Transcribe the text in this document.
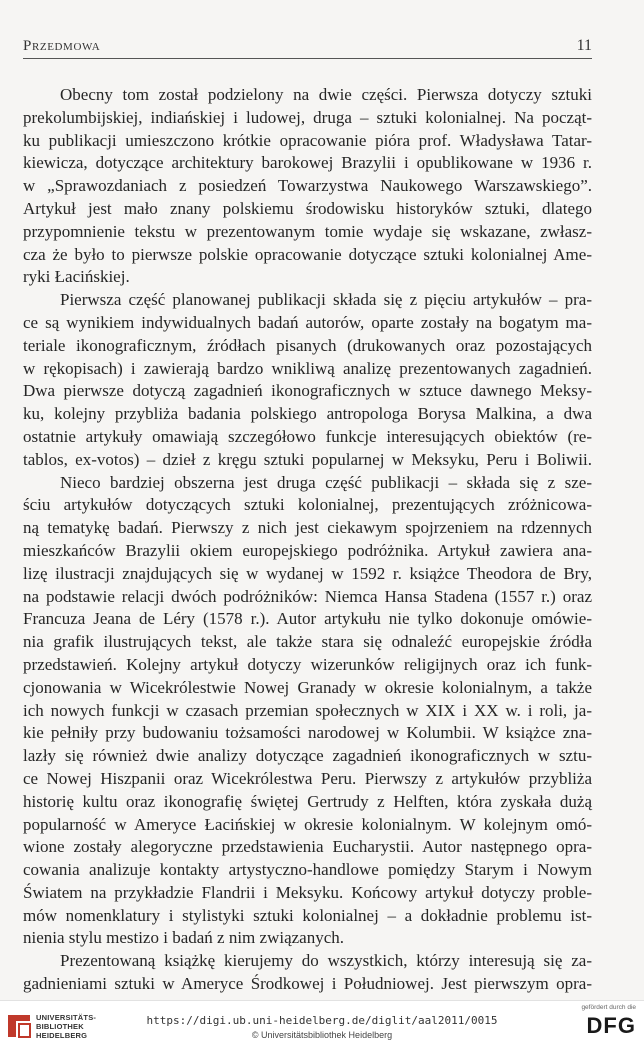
Przedmowa	11
Obecny tom został podzielony na dwie części. Pierwsza dotyczy sztuki
prekolumbijskiej, indiańskiej i ludowej, druga – sztuki kolonialnej. Na począt-
ku publikacji umieszczono krótkie opracowanie pióra prof. Władysława Tatar-
kiewicza, dotyczące architektury barokowej Brazylii i opublikowane w 1936 r.
w „Sprawozdaniach z posiedzeń Towarzystwa Naukowego Warszawskiego”.
Artykuł jest mało znany polskiemu środowisku historyków sztuki, dlatego
przypomnienie tekstu w prezentowanym tomie wydaje się wskazane, zwłasz-
cza że było to pierwsze polskie opracowanie dotyczące sztuki kolonialnej Ame-
ryki Łacińskiej.
Pierwsza część planowanej publikacji składa się z pięciu artykułów – pra-
ce są wynikiem indywidualnych badań autorów, oparte zostały na bogatym ma-
teriale ikonograficznym, źródłach pisanych (drukowanych oraz pozostających
w rękopisach) i zawierają bardzo wnikliwą analizę prezentowanych zagadnień.
Dwa pierwsze dotyczą zagadnień ikonograficznych w sztuce dawnego Meksy-
ku, kolejny przybliża badania polskiego antropologa Borysa Malkina, a dwa
ostatnie artykuły omawiają szczegółowo funkcje interesujących obiektów (re-
tablos, ex-votos) – dzieł z kręgu sztuki popularnej w Meksyku, Peru i Boliwii.
Nieco bardziej obszerna jest druga część publikacji – składa się z sze-
ściu artykułów dotyczących sztuki kolonialnej, prezentujących zróżnicowa-
ną tematykę badań. Pierwszy z nich jest ciekawym spojrzeniem na rdzennych
mieszkańców Brazylii okiem europejskiego podróżnika. Artykuł zawiera ana-
lizę ilustracji znajdujących się w wydanej w 1592 r. książce Theodora de Bry,
na podstawie relacji dwóch podróżników: Niemca Hansa Stadena (1557 r.) oraz
Francuza Jeana de Léry (1578 r.). Autor artykułu nie tylko dokonuje omówie-
nia grafik ilustrujących tekst, ale także stara się odnaleźć europejskie źródła
przedstawień. Kolejny artykuł dotyczy wizerunków religijnych oraz ich funk-
cjonowania w Wicekrólestwie Nowej Granady w okresie kolonialnym, a także
ich nowych funkcji w czasach przemian społecznych w XIX i XX w. i roli, ja-
kie pełniły przy budowaniu tożsamości narodowej w Kolumbii. W książce zna-
lazły się również dwie analizy dotyczące zagadnień ikonograficznych w sztu-
ce Nowej Hiszpanii oraz Wicekrólestwa Peru. Pierwszy z artykułów przybliża
historię kultu oraz ikonografię świętej Gertrudy z Helften, która zyskała dużą
popularność w Ameryce Łacińskiej w okresie kolonialnym. W kolejnym omó-
wione zostały alegoryczne przedstawienia Eucharystii. Autor następnego opra-
cowania analizuje kontakty artystyczno-handlowe pomiędzy Starym i Nowym
Światem na przykładzie Flandrii i Meksyku. Końcowy artykuł dotyczy proble-
mów nomenklatury i stylistyki sztuki kolonialnej – a dokładnie problemu ist-
nienia stylu mestizo i badań z nim związanych.
Prezentowaną książkę kierujemy do wszystkich, którzy interesują się za-
gadnieniami sztuki w Ameryce Środkowej i Południowej. Jest pierwszym opra-
UNIVERSITÄTS-
BIBLIOTHEK
HEIDELBERG
https://digi.ub.uni-heidelberg.de/diglit/aal2011/0015
© Universitätsbibliothek Heidelberg
gefördert durch die
DFG
